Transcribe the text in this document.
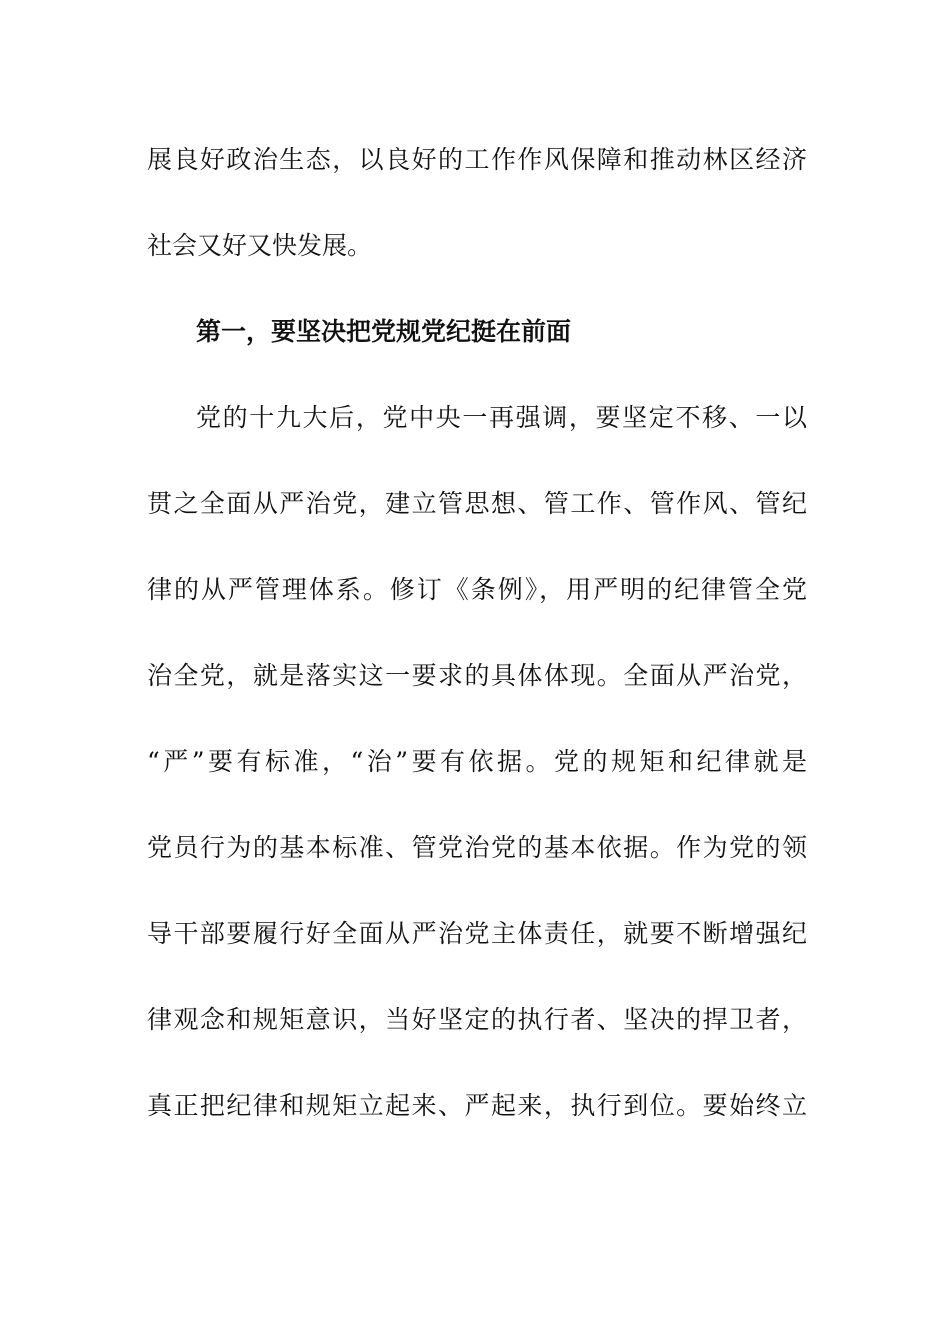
展良好政治生态，以良好的工作作风保障和推动林区经济
社会又好又快发展。
第一，要坚决把党规党纪挺在前面
党的十九大后，党中央一再强调，要坚定不移、一以
贯之全面从严治党，建立管思想、管工作、管作风、管纪
律的从严管理体系。修订《条例》，用严明的纪律管全党
治全党，就是落实这一要求的具体体现。全面从严治党，
“严”要有标准，“治”要有依据。党的规矩和纪律就是
党员行为的基本标准、管党治党的基本依据。作为党的领
导干部要履行好全面从严治党主体责任，就要不断增强纪
律观念和规矩意识，当好坚定的执行者、坚决的捍卫者，
真正把纪律和规矩立起来、严起来，执行到位。要始终立
